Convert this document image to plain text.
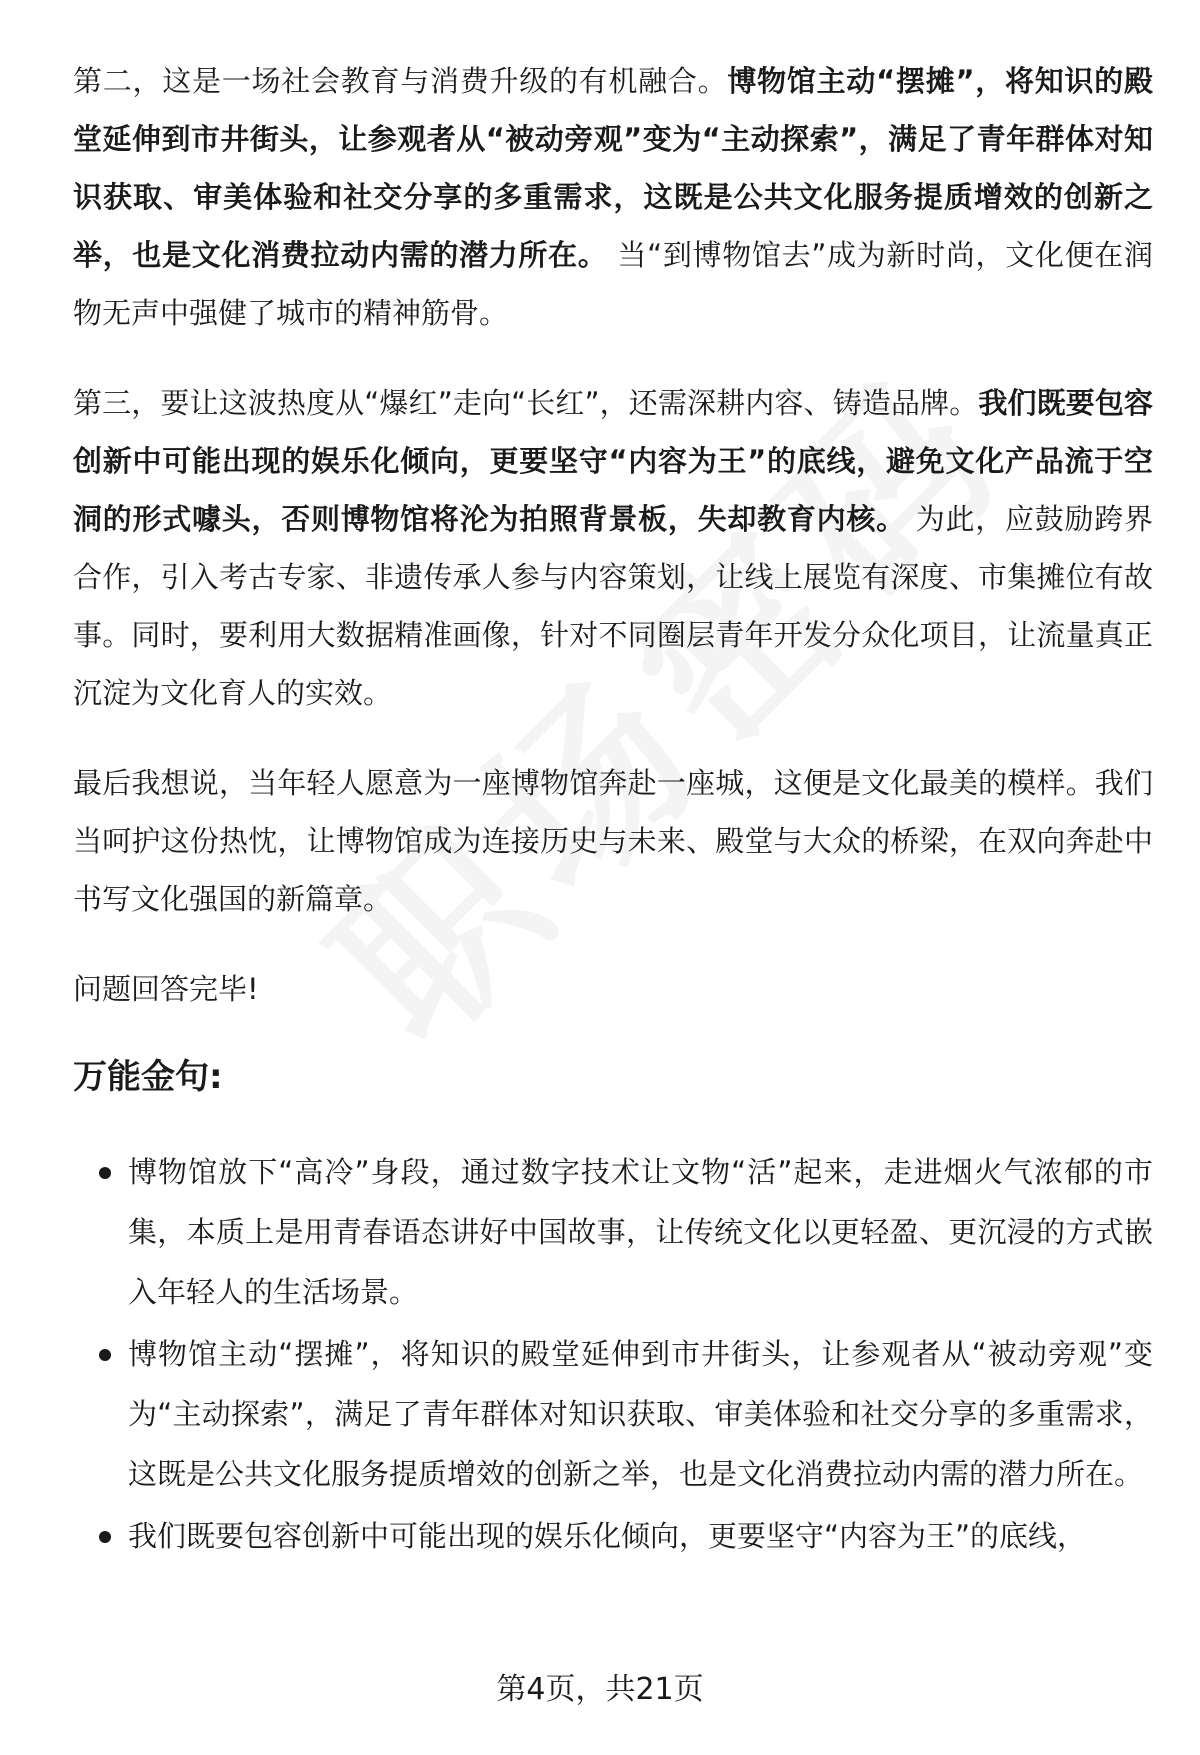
第二，这是一场社会教育与消费升级的有机融合。博物馆主动“摆摊”，将知识的殿堂延伸到市井街头，让参观者从“被动旁观”变为“主动探索”，满足了青年群体对知识获取、审美体验和社交分享的多重需求，这既是公共文化服务提质增效的创新之举，也是文化消费拉动内需的潜力所在。 当“到博物馆去”成为新时尚，文化便在润物无声中强健了城市的精神筋骨。

第三，要让这波热度从“爆红”走向“长红”，还需深耕内容、铸造品牌。我们既要包容创新中可能出现的娱乐化倾向，更要坚守“内容为王”的底线，避免文化产品流于空洞的形式噱头，否则博物馆将沦为拍照背景板，失却教育内核。 为此，应鼓励跨界合作，引入考古专家、非遗传承人参与内容策划，让线上展览有深度、市集摊位有故事。同时，要利用大数据精准画像，针对不同圈层青年开发分众化项目，让流量真正沉淀为文化育人的实效。

最后我想说，当年轻人愿意为一座博物馆奔赴一座城，这便是文化最美的模样。我们当呵护这份热忱，让博物馆成为连接历史与未来、殿堂与大众的桥梁，在双向奔赴中书写文化强国的新篇章。

问题回答完毕!

万能金句:
博物馆放下“高冷”身段，通过数字技术让文物“活”起来，走进烟火气浓郁的市集，本质上是用青春语态讲好中国故事，让传统文化以更轻盈、更沉浸的方式嵌入年轻人的生活场景。
博物馆主动“摆摊”，将知识的殿堂延伸到市井街头，让参观者从“被动旁观”变为“主动探索”，满足了青年群体对知识获取、审美体验和社交分享的多重需求，这既是公共文化服务提质增效的创新之举，也是文化消费拉动内需的潜力所在。
我们既要包容创新中可能出现的娱乐化倾向，更要坚守“内容为王”的底线，
第4页，共21页
